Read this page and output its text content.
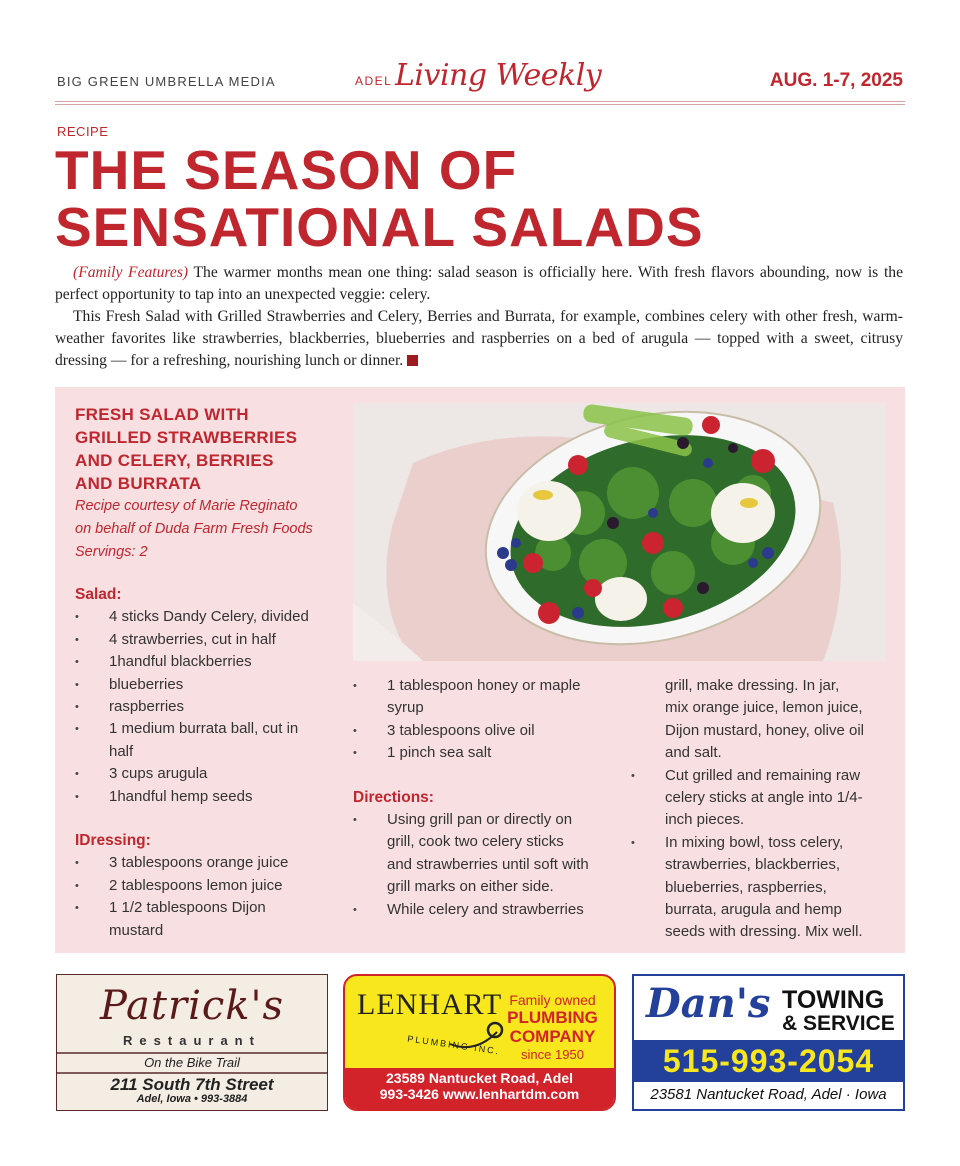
BIG GREEN UMBRELLA MEDIA	ADEL Living Weekly	AUG. 1-7, 2025
RECIPE
THE SEASON OF
SENSATIONAL SALADS

(Family Features) The warmer months mean one thing: salad season is officially here. With fresh flavors abounding, now is the perfect opportunity to tap into an unexpected veggie: celery.

This Fresh Salad with Grilled Strawberries and Celery, Berries and Burrata, for example, combines celery with other fresh, warm-weather favorites like strawberries, blackberries, blueberries and raspberries on a bed of arugula — topped with a sweet, citrusy dressing — for a refreshing, nourishing lunch or dinner.

FRESH SALAD WITH
GRILLED STRAWBERRIES
AND CELERY, BERRIES
AND BURRATA
Recipe courtesy of Marie Reginato
on behalf of Duda Farm Fresh Foods
Servings: 2
Salad:
• 4 sticks Dandy Celery, divided
• 4 strawberries, cut in half
• 1handful blackberries
• blueberries
• raspberries
• 1 medium burrata ball, cut in half
• 3 cups arugula
• 1handful hemp seeds
IDressing:
• 3 tablespoons orange juice
• 2 tablespoons lemon juice
• 1 1/2 tablespoons Dijon mustard
• 1 tablespoon honey or maple syrup
• 3 tablespoons olive oil
• 1 pinch sea salt
Directions:
• Using grill pan or directly on grill, cook two celery sticks and strawberries until soft with grill marks on either side.
• While celery and strawberries
grill, make dressing. In jar, mix orange juice, lemon juice, Dijon mustard, honey, olive oil and salt.
• Cut grilled and remaining raw celery sticks at angle into 1/4-inch pieces.
• In mixing bowl, toss celery, strawberries, blackberries, blueberries, raspberries, burrata, arugula and hemp seeds with dressing. Mix well.
Patrick's
Restaurant
On the Bike Trail
211 South 7th Street
Adel, Iowa • 993-3884
LENHART
PLUMBING INC.
Family owned
PLUMBING
COMPANY
since 1950
23589 Nantucket Road, Adel
993-3426 www.lenhartdm.com
Dan's TOWING
& SERVICE
515-993-2054
23581 Nantucket Road, Adel · Iowa
